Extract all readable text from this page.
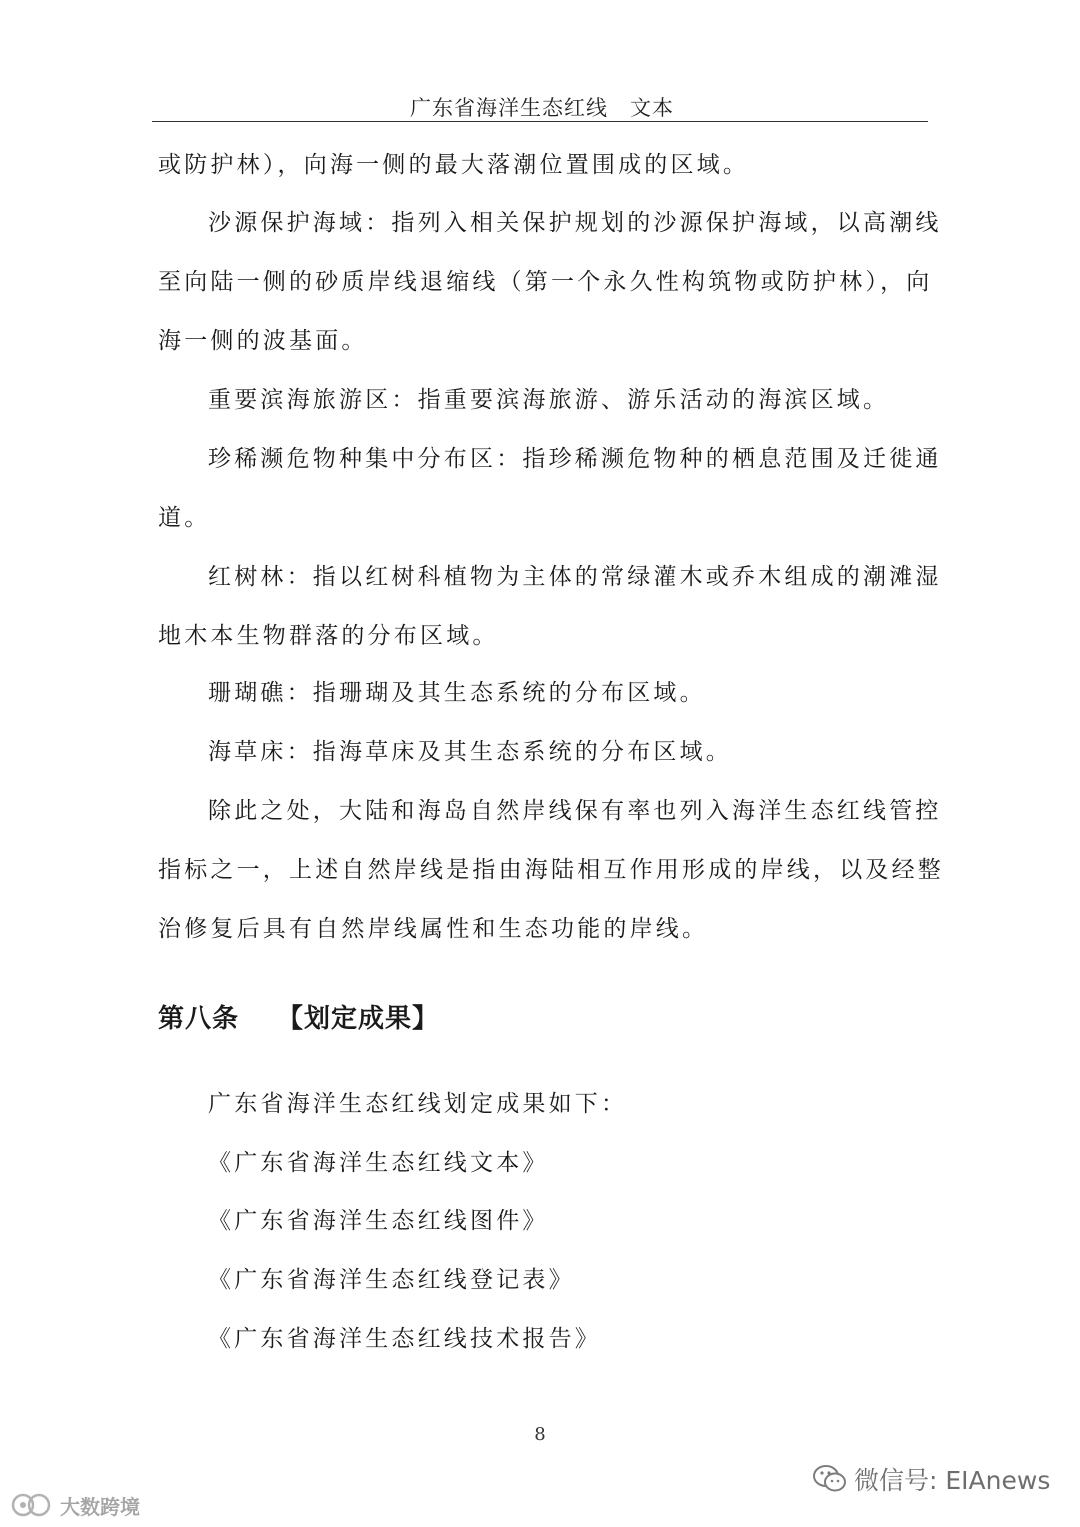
广东省海洋生态红线　文本
或防护林），向海一侧的最大落潮位置围成的区域。
沙源保护海域：指列入相关保护规划的沙源保护海域，以高潮线
至向陆一侧的砂质岸线退缩线（第一个永久性构筑物或防护林），向
海一侧的波基面。
重要滨海旅游区：指重要滨海旅游、游乐活动的海滨区域。
珍稀濒危物种集中分布区：指珍稀濒危物种的栖息范围及迁徙通
道。
红树林：指以红树科植物为主体的常绿灌木或乔木组成的潮滩湿
地木本生物群落的分布区域。
珊瑚礁：指珊瑚及其生态系统的分布区域。
海草床：指海草床及其生态系统的分布区域。
除此之处，大陆和海岛自然岸线保有率也列入海洋生态红线管控
指标之一，上述自然岸线是指由海陆相互作用形成的岸线，以及经整
治修复后具有自然岸线属性和生态功能的岸线。
第八条 【划定成果】
广东省海洋生态红线划定成果如下：
《广东省海洋生态红线文本》
《广东省海洋生态红线图件》
《广东省海洋生态红线登记表》
《广东省海洋生态红线技术报告》
8
微信号: EIAnews
大数跨境
